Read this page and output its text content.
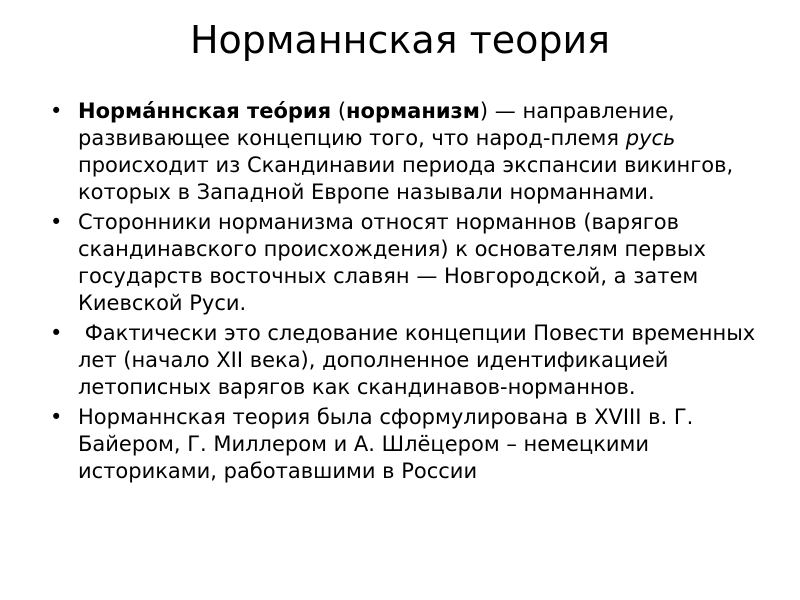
Норманнская теория
• Норма́ннская тео́рия (норманизм) — направление, развивающее концепцию того, что народ-племя русь происходит из Скандинавии периода экспансии викингов, которых в Западной Европе называли норманнами.
• Сторонники норманизма относят норманнов (варягов скандинавского происхождения) к основателям первых государств восточных славян — Новгородской, а затем Киевской Руси.
• Фактически это следование концепции Повести временных лет (начало XII века), дополненное идентификацией летописных варягов как скандинавов-норманнов.
• Норманнская теория была сформулирована в XVIII в. Г. Байером, Г. Миллером и А. Шлёцером – немецкими историками, работавшими в России
